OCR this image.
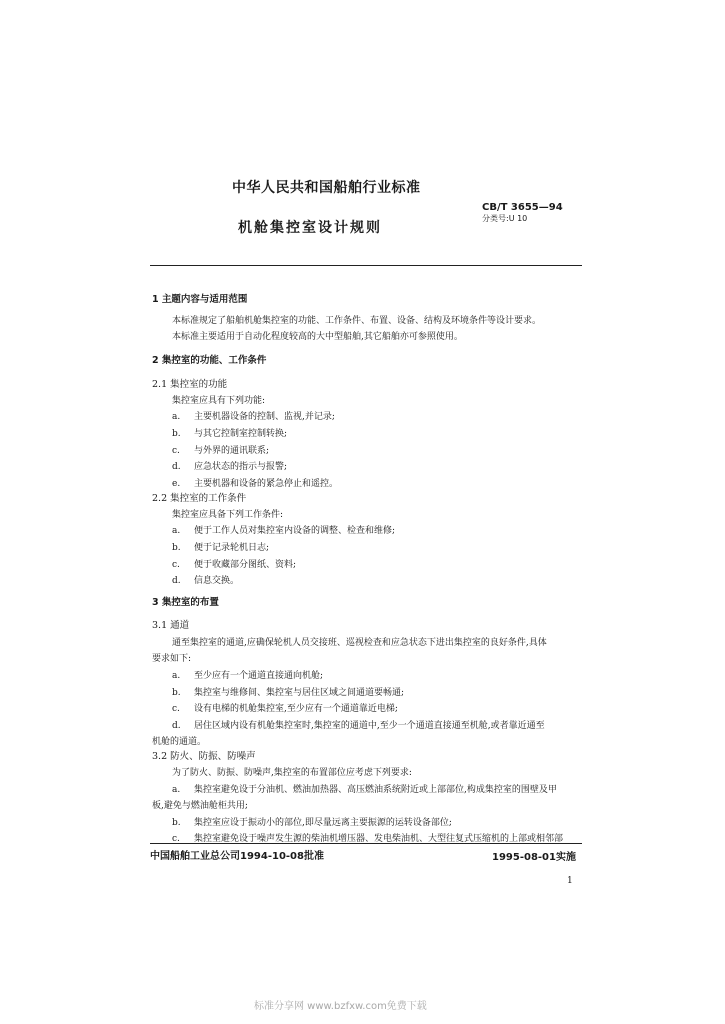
中华人民共和国船舶行业标准
CB/T 3655—94
分类号:U 10
机舱集控室设计规则
1 主题内容与适用范围
本标准规定了船舶机舱集控室的功能、工作条件、布置、设备、结构及环境条件等设计要求。
本标准主要适用于自动化程度较高的大中型船舶,其它船舶亦可参照使用。
2 集控室的功能、工作条件
2.1 集控室的功能
集控室应具有下列功能:
a. 主要机器设备的控制、监视,并记录;
b. 与其它控制室控制转换;
c. 与外界的通讯联系;
d. 应急状态的指示与报警;
e. 主要机器和设备的紧急停止和遥控。
2.2 集控室的工作条件
集控室应具备下列工作条件:
a. 便于工作人员对集控室内设备的调整、检查和维修;
b. 便于记录轮机日志;
c. 便于收藏部分图纸、资料;
d. 信息交换。
3 集控室的布置
3.1 通道
通至集控室的通道,应确保轮机人员交接班、巡视检查和应急状态下进出集控室的良好条件,具体
要求如下:
a. 至少应有一个通道直接通向机舱;
b. 集控室与维修间、集控室与居住区域之间通道要畅通;
c. 设有电梯的机舱集控室,至少应有一个通道靠近电梯;
d. 居住区域内设有机舱集控室时,集控室的通道中,至少一个通道直接通至机舱,或者靠近通至
机舱的通道。
3.2 防火、防振、防噪声
为了防火、防振、防噪声,集控室的布置部位应考虑下列要求:
a. 集控室避免设于分油机、燃油加热器、高压燃油系统附近或上部部位,构成集控室的围壁及甲
板,避免与燃油舱柜共用;
b. 集控室应设于振动小的部位,即尽量远离主要振源的运转设备部位;
c. 集控室避免设于噪声发生源的柴油机增压器、发电柴油机、大型往复式压缩机的上部或相邻部
中国船舶工业总公司1994-10-08批准	1995-08-01实施
1
标准分享网 www.bzfxw.com免费下载
